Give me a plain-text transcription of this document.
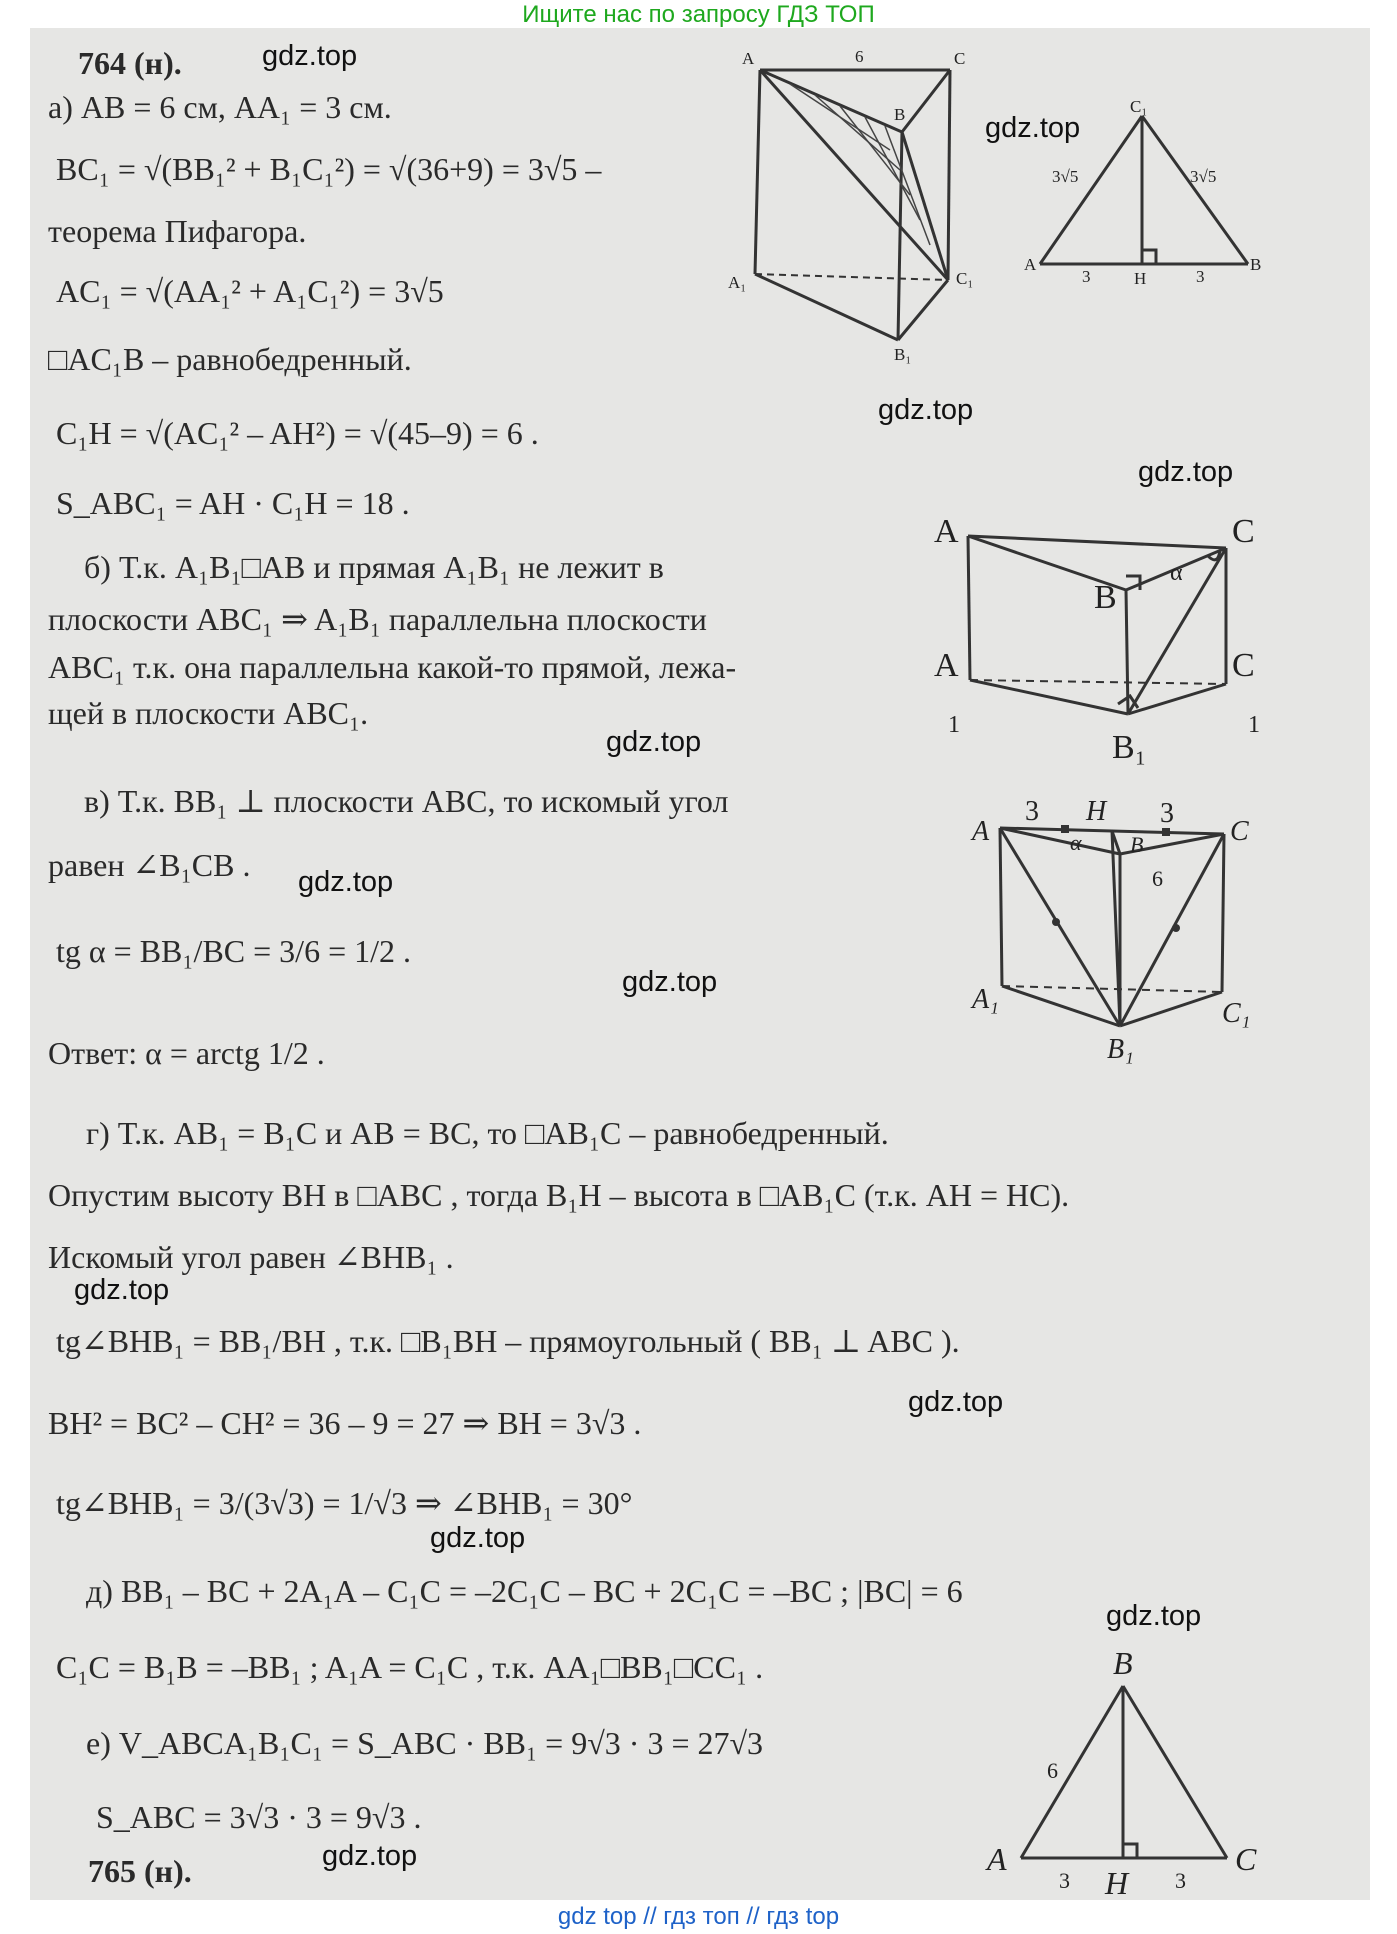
Ищите нас по запросу ГДЗ ТОП
764 (н).
а) AB = 6 см, AA₁ = 3 см.
BC₁ = √(BB₁² + B₁C₁²) = √(36+9) = 3√5 –
теорема Пифагора.
AC₁ = √(AA₁² + A₁C₁²) = 3√5
□AC₁B – равнобедренный.
C₁H = √(AC₁² – AH²) = √(45–9) = 6 .
S_ABC₁ = AH · C₁H = 18 .
б) Т.к. A₁B₁□AB и прямая A₁B₁ не лежит в
плоскости ABC₁ ⇒ A₁B₁ параллельна плоскости
ABC₁ т.к. она параллельна какой-то прямой, лежа-
щей в плоскости ABC₁.
в) Т.к. BB₁ ⊥ плоскости ABC, то искомый угол
равен ∠B₁CB .
tg α = BB₁/BC = 3/6 = 1/2 .
Ответ: α = arctg 1/2 .
г) Т.к. AB₁ = B₁C и AB = BC, то □AB₁C – равнобедренный.
Опустим высоту BH в □ABC , тогда B₁H – высота в □AB₁C (т.к. AH = HC).
Искомый угол равен ∠BHB₁ .
tg∠BHB₁ = BB₁/BH , т.к. □B₁BH – прямоугольный ( BB₁ ⊥ ABC ).
BH² = BC² – CH² = 36 – 9 = 27 ⇒ BH = 3√3 .
tg∠BHB₁ = 3/(3√3) = 1/√3 ⇒ ∠BHB₁ = 30°
д) BB₁ – BC + 2A₁A – C₁C = –2C₁C – BC + 2C₁C = –BC ; |BC| = 6
C₁C = B₁B = –BB₁ ; A₁A = C₁C , т.к. AA₁□BB₁□CC₁ .
е) V_ABCA₁B₁C₁ = S_ABC · BB₁ = 9√3 · 3 = 27√3
S_ABC = 3√3 · 3 = 9√3 .
765 (н).
gdz.top
gdz.top
gdz.top
gdz.top
gdz.top
gdz.top
gdz.top
gdz.top
gdz.top
gdz.top
gdz.top
gdz.top
A	6	C
B
A₁	C₁
B₁
C₁
3√5	3√5
A
3	H	3
B
A	C
B
A	C
B₁
α
1	1
3 H 3
A	C
A₁	C₁
B₁
α B
6
B
A	C
H
6
3	3
gdz top // гдз топ // гдз top
